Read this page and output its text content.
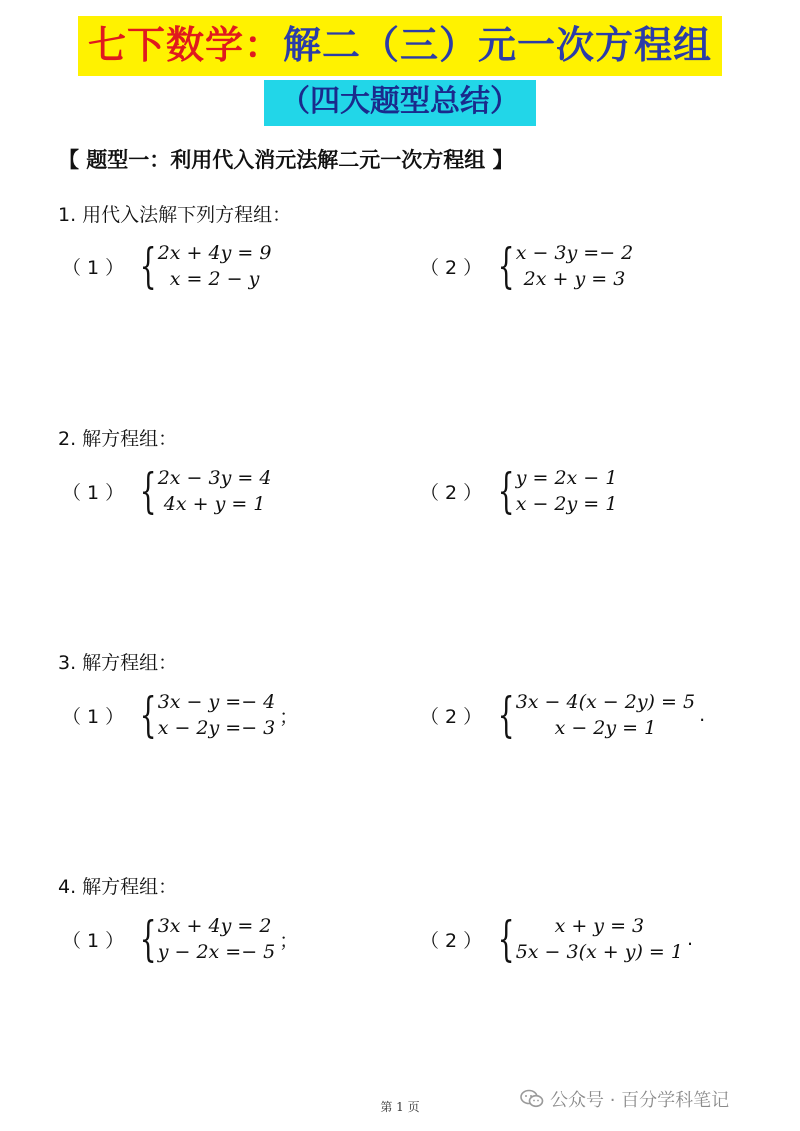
七下数学：解二（三）元一次方程组
（四大题型总结）
【 题型一：利用代入消元法解二元一次方程组 】
1. 用代入法解下列方程组：
（ 1 ） { 2x + 4y = 9
x = 2 − y
（ 2 ） { x − 3y =− 2
2x + y = 3
2. 解方程组：
（ 1 ） { 2x − 3y = 4
4x + y = 1
（ 2 ） { y = 2x − 1
x − 2y = 1
3. 解方程组：
（ 1 ） { 3x − y =− 4
x − 2y =− 3
；	（ 2 ） { 3x − 4(x − 2y) = 5
x − 2y = 1
.
4. 解方程组：
（ 1 ） { 3x + 4y = 2
y − 2x =− 5
；	（ 2 ） {	x + y = 3
5x − 3(x + y) = 1
.
第 1 页	公众号 · 百分学科笔记
